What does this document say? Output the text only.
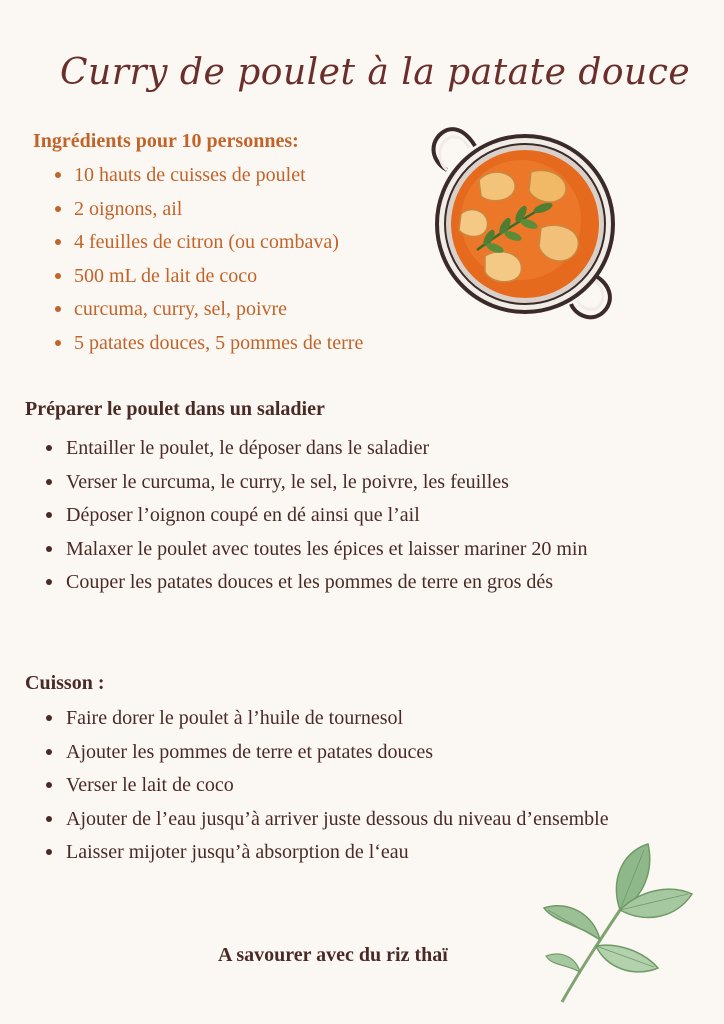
Curry de poulet à la patate douce
Ingrédients pour 10 personnes:
10 hauts de cuisses de poulet
2 oignons, ail
4 feuilles de citron (ou combava)
500 mL de lait de coco
curcuma, curry, sel, poivre
5 patates douces, 5 pommes de terre
Préparer le poulet dans un saladier
Entailler le poulet, le déposer dans le saladier
Verser le curcuma, le curry, le sel, le poivre, les feuilles
Déposer l’oignon coupé en dé ainsi que l’ail
Malaxer le poulet avec toutes les épices et laisser mariner 20 min
Couper les patates douces et les pommes de terre en gros dés
Cuisson :
Faire dorer le poulet à l’huile de tournesol
Ajouter les pommes de terre et patates douces
Verser le lait de coco
Ajouter de l’eau jusqu’à arriver juste dessous du niveau d’ensemble
Laisser mijoter jusqu’à absorption de l‘eau
A savourer avec du riz thaï
